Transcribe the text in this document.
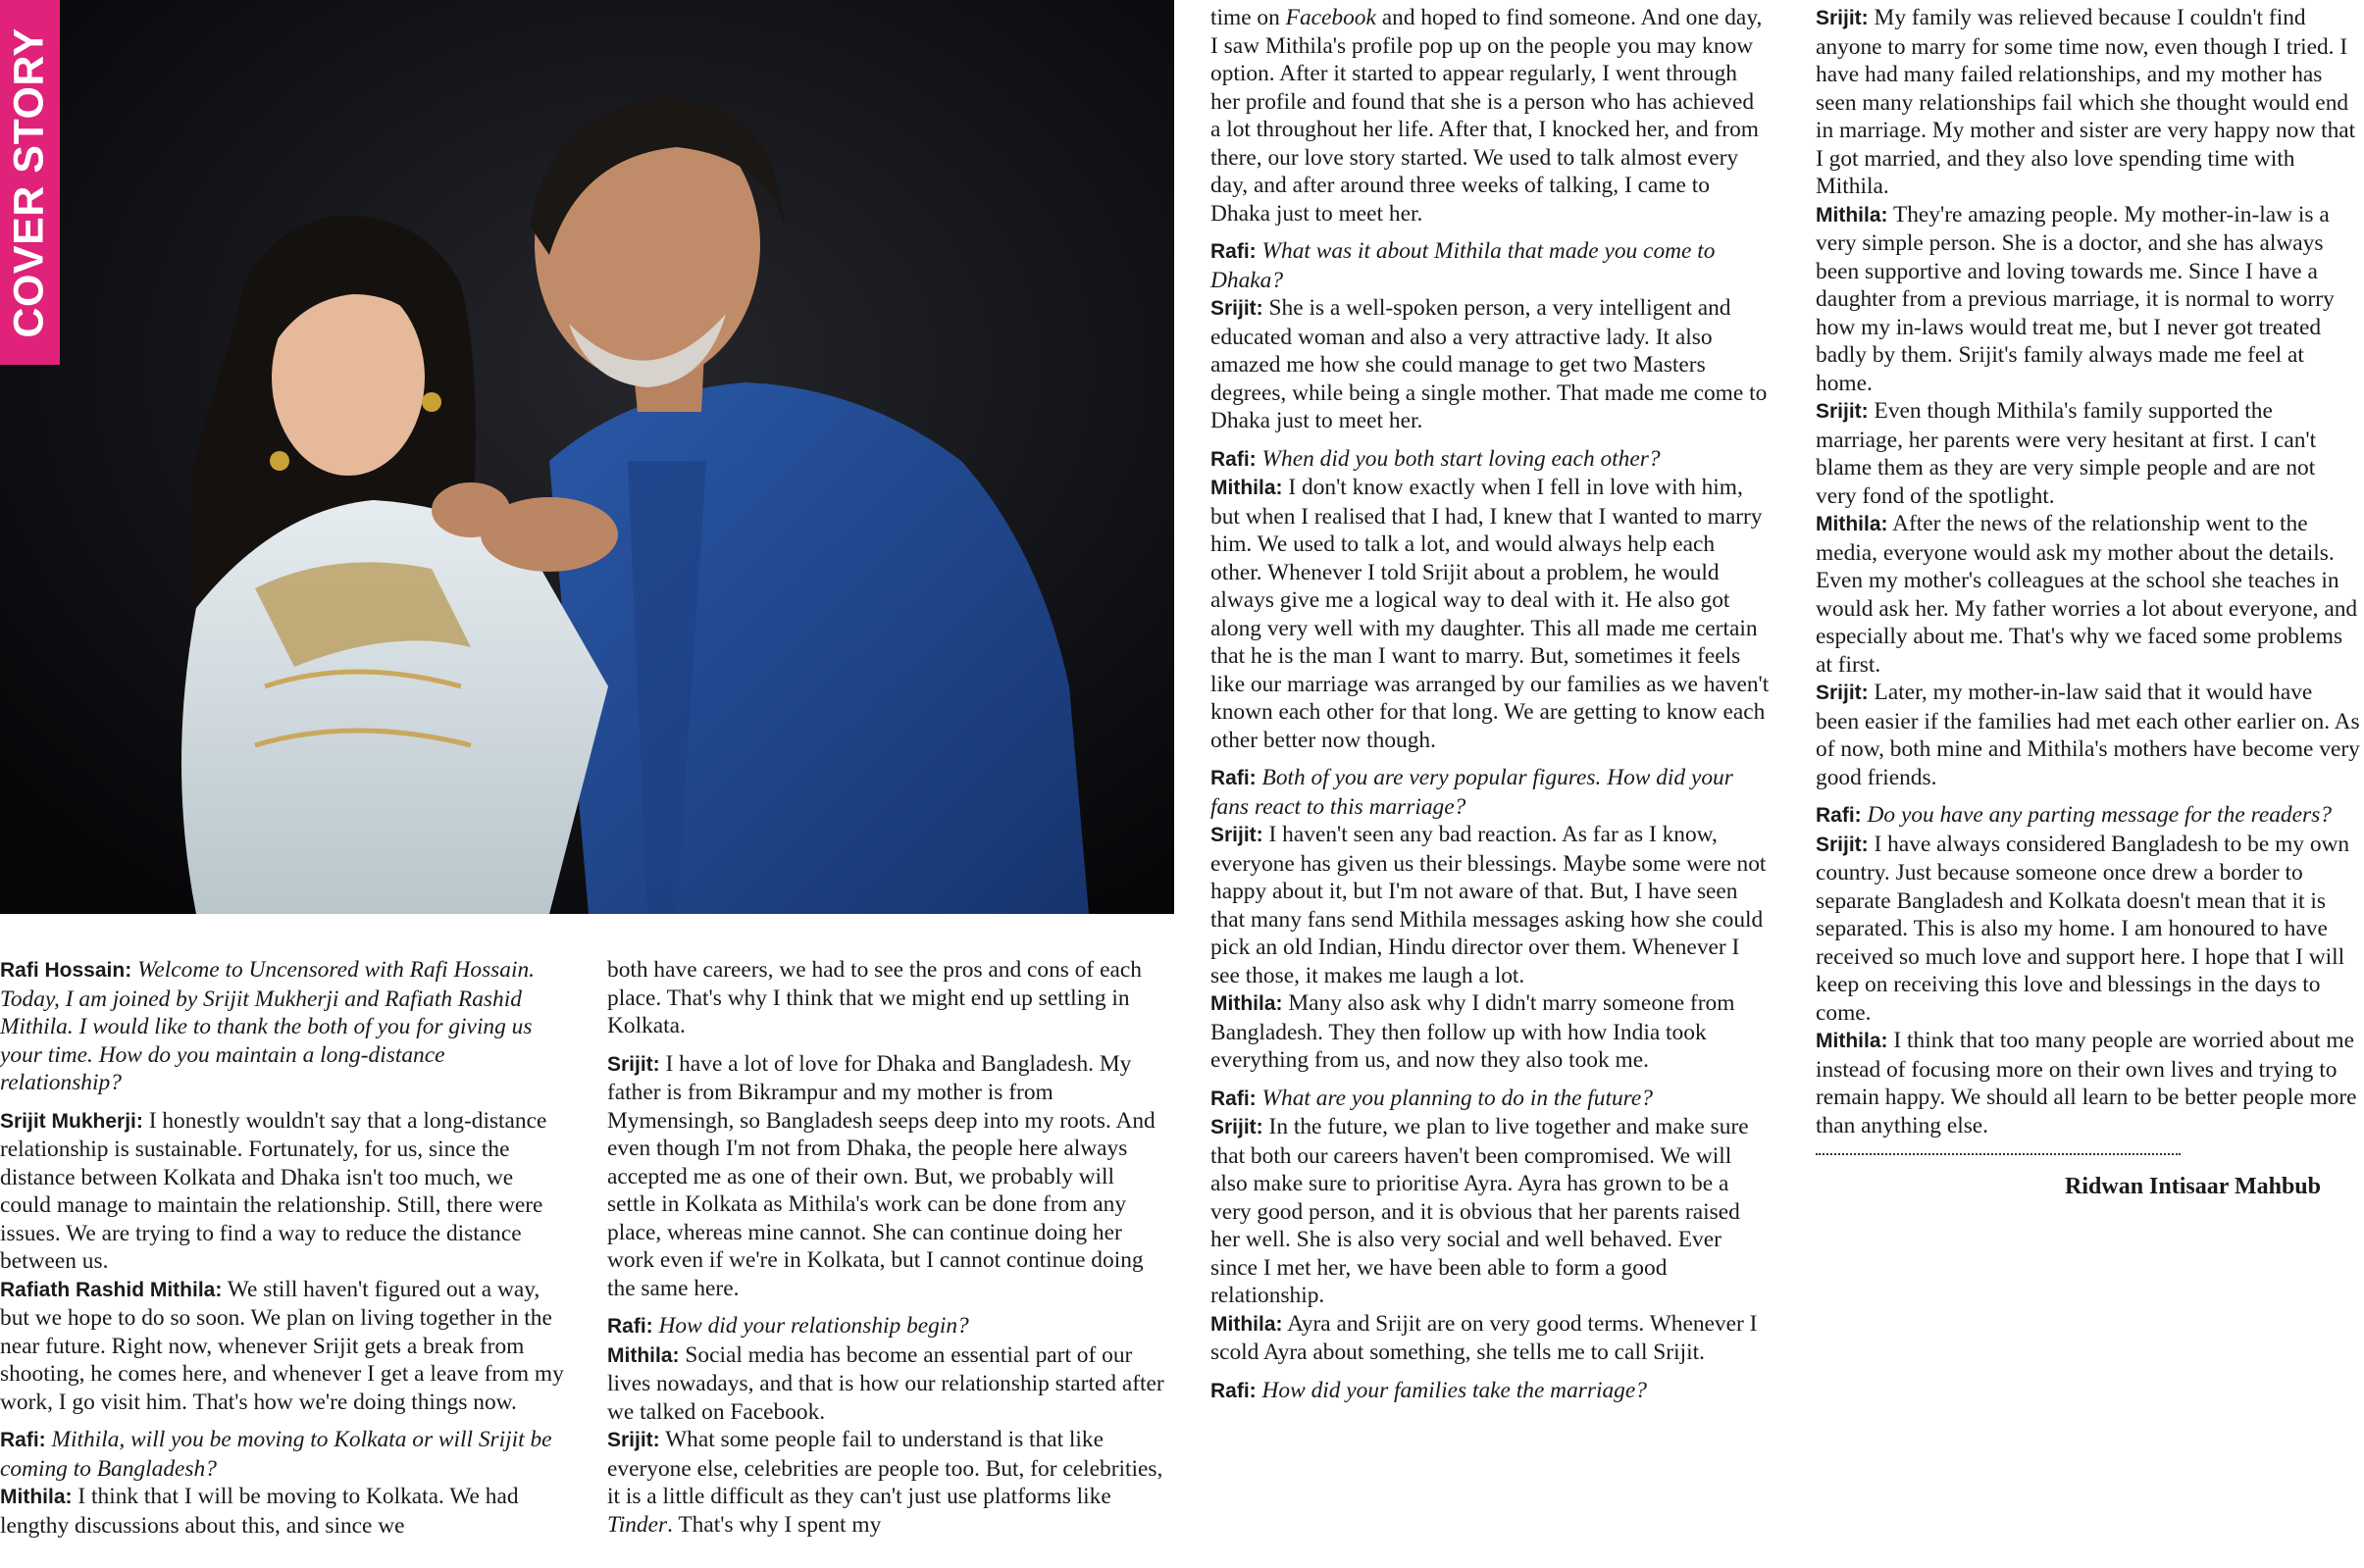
COVER STORY

Rafi Hossain: Welcome to Uncensored with Rafi Hossain. Today, I am joined by Srijit Mukherji and Rafiath Rashid Mithila. I would like to thank the both of you for giving us your time. How do you maintain a long-distance relationship?

Srijit Mukherji: I honestly wouldn't say that a long-distance relationship is sustainable. Fortunately, for us, since the distance between Kolkata and Dhaka isn't too much, we could manage to maintain the relationship. Still, there were issues. We are trying to find a way to reduce the distance between us.

Rafiath Rashid Mithila: We still haven't figured out a way, but we hope to do so soon. We plan on living together in the near future. Right now, whenever Srijit gets a break from shooting, he comes here, and whenever I get a leave from my work, I go visit him. That's how we're doing things now.

Rafi: Mithila, will you be moving to Kolkata or will Srijit be coming to Bangladesh?

Mithila: I think that I will be moving to Kolkata. We had lengthy discussions about this, and since we

both have careers, we had to see the pros and cons of each place. That's why I think that we might end up settling in Kolkata.

Srijit: I have a lot of love for Dhaka and Bangladesh. My father is from Bikrampur and my mother is from Mymensingh, so Bangladesh seeps deep into my roots. And even though I'm not from Dhaka, the people here always accepted me as one of their own. But, we probably will settle in Kolkata as Mithila's work can be done from any place, whereas mine cannot. She can continue doing her work even if we're in Kolkata, but I cannot continue doing the same here.

Rafi: How did your relationship begin?

Mithila: Social media has become an essential part of our lives nowadays, and that is how our relationship started after we talked on Facebook.

Srijit: What some people fail to understand is that like everyone else, celebrities are people too. But, for celebrities, it is a little difficult as they can't just use platforms like Tinder. That's why I spent my

time on Facebook and hoped to find someone. And one day, I saw Mithila's profile pop up on the people you may know option. After it started to appear regularly, I went through her profile and found that she is a person who has achieved a lot throughout her life. After that, I knocked her, and from there, our love story started. We used to talk almost every day, and after around three weeks of talking, I came to Dhaka just to meet her.

Rafi: What was it about Mithila that made you come to Dhaka?

Srijit: She is a well-spoken person, a very intelligent and educated woman and also a very attractive lady. It also amazed me how she could manage to get two Masters degrees, while being a single mother. That made me come to Dhaka just to meet her.

Rafi: When did you both start loving each other?

Mithila: I don't know exactly when I fell in love with him, but when I realised that I had, I knew that I wanted to marry him. We used to talk a lot, and would always help each other. Whenever I told Srijit about a problem, he would always give me a logical way to deal with it. He also got along very well with my daughter. This all made me certain that he is the man I want to marry. But, sometimes it feels like our marriage was arranged by our families as we haven't known each other for that long. We are getting to know each other better now though.

Rafi: Both of you are very popular figures. How did your fans react to this marriage?

Srijit: I haven't seen any bad reaction. As far as I know, everyone has given us their blessings. Maybe some were not happy about it, but I'm not aware of that. But, I have seen that many fans send Mithila messages asking how she could pick an old Indian, Hindu director over them. Whenever I see those, it makes me laugh a lot.

Mithila: Many also ask why I didn't marry someone from Bangladesh. They then follow up with how India took everything from us, and now they also took me.

Rafi: What are you planning to do in the future?

Srijit: In the future, we plan to live together and make sure that both our careers haven't been compromised. We will also make sure to prioritise Ayra. Ayra has grown to be a very good person, and it is obvious that her parents raised her well. She is also very social and well behaved. Ever since I met her, we have been able to form a good relationship.

Mithila: Ayra and Srijit are on very good terms. Whenever I scold Ayra about something, she tells me to call Srijit.

Rafi: How did your families take the marriage?

Srijit: My family was relieved because I couldn't find anyone to marry for some time now, even though I tried. I have had many failed relationships, and my mother has seen many relationships fail which she thought would end in marriage. My mother and sister are very happy now that I got married, and they also love spending time with Mithila.

Mithila: They're amazing people. My mother-in-law is a very simple person. She is a doctor, and she has always been supportive and loving towards me. Since I have a daughter from a previous marriage, it is normal to worry how my in-laws would treat me, but I never got treated badly by them. Srijit's family always made me feel at home.

Srijit: Even though Mithila's family supported the marriage, her parents were very hesitant at first. I can't blame them as they are very simple people and are not very fond of the spotlight.

Mithila: After the news of the relationship went to the media, everyone would ask my mother about the details. Even my mother's colleagues at the school she teaches in would ask her. My father worries a lot about everyone, and especially about me. That's why we faced some problems at first.

Srijit: Later, my mother-in-law said that it would have been easier if the families had met each other earlier on. As of now, both mine and Mithila's mothers have become very good friends.

Rafi: Do you have any parting message for the readers?

Srijit: I have always considered Bangladesh to be my own country. Just because someone once drew a border to separate Bangladesh and Kolkata doesn't mean that it is separated. This is also my home. I am honoured to have received so much love and support here. I hope that I will keep on receiving this love and blessings in the days to come.

Mithila: I think that too many people are worried about me instead of focusing more on their own lives and trying to remain happy. We should all learn to be better people more than anything else.

Ridwan Intisaar Mahbub
